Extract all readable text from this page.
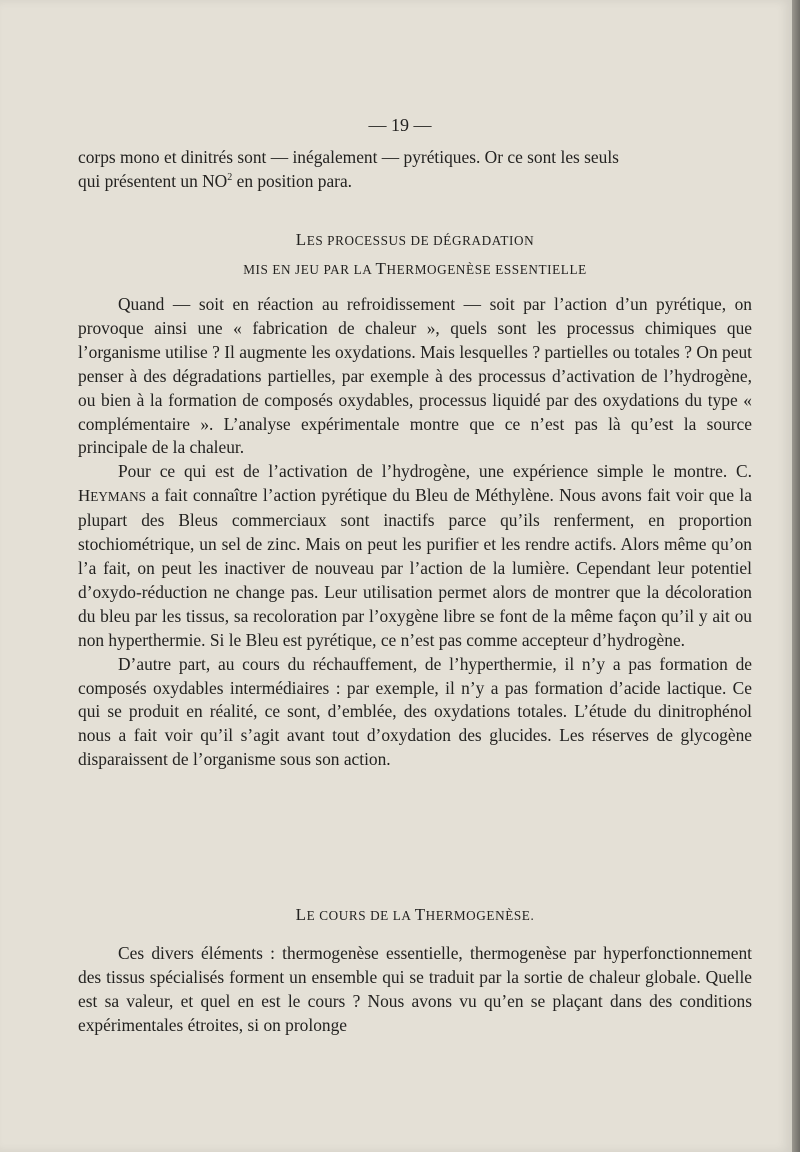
— 19 —

corps mono et dinitrés sont — inégalement — pyrétiques. Or ce sont les seuls

qui présentent un $NO^2$ en position para.

LES PROCESSUS DE DÉGRADATION
MIS EN JEU PAR LA THERMOGENÈSE ESSENTIELLE

Quand — soit en réaction au refroidissement — soit par l’action d’un pyrétique, on provoque ainsi une « fabrication de chaleur », quels sont les processus chimiques que l’organisme utilise ? Il augmente les oxydations. Mais lesquelles ? partielles ou totales ? On peut penser à des dégradations partielles, par exemple à des processus d’activation de l’hydrogène, ou bien à la formation de composés oxydables, processus liquidé par des oxydations du type « complémentaire ». L’analyse expérimentale montre que ce n’est pas là qu’est la source principale de la chaleur.

Pour ce qui est de l’activation de l’hydrogène, une expérience simple le montre. C. HEYMANS a fait connaître l’action pyrétique du Bleu de Méthylène. Nous avons fait voir que la plupart des Bleus commerciaux sont inactifs parce qu’ils renferment, en proportion stochiométrique, un sel de zinc. Mais on peut les purifier et les rendre actifs. Alors même qu’on l’a fait, on peut les inactiver de nouveau par l’action de la lumière. Cependant leur potentiel d’oxydo-réduction ne change pas. Leur utilisation permet alors de montrer que la décoloration du bleu par les tissus, sa recoloration par l’oxygène libre se font de la même façon qu’il y ait ou non hyperthermie. Si le Bleu est pyrétique, ce n’est pas comme accepteur d’hydrogène.

D’autre part, au cours du réchauffement, de l’hyperthermie, il n’y a pas formation de composés oxydables intermédiaires : par exemple, il n’y a pas formation d’acide lactique. Ce qui se produit en réalité, ce sont, d’emblée, des oxydations totales. L’étude du dinitrophénol nous a fait voir qu’il s’agit avant tout d’oxydation des glucides. Les réserves de glycogène disparaissent de l’organisme sous son action.

LE COURS DE LA THERMOGENÈSE.

Ces divers éléments : thermogenèse essentielle, thermogenèse par hyperfonctionnement des tissus spécialisés forment un ensemble qui se traduit par la sortie de chaleur globale. Quelle est sa valeur, et quel en est le cours ? Nous avons vu qu’en se plaçant dans des conditions expérimentales étroites, si on prolonge
